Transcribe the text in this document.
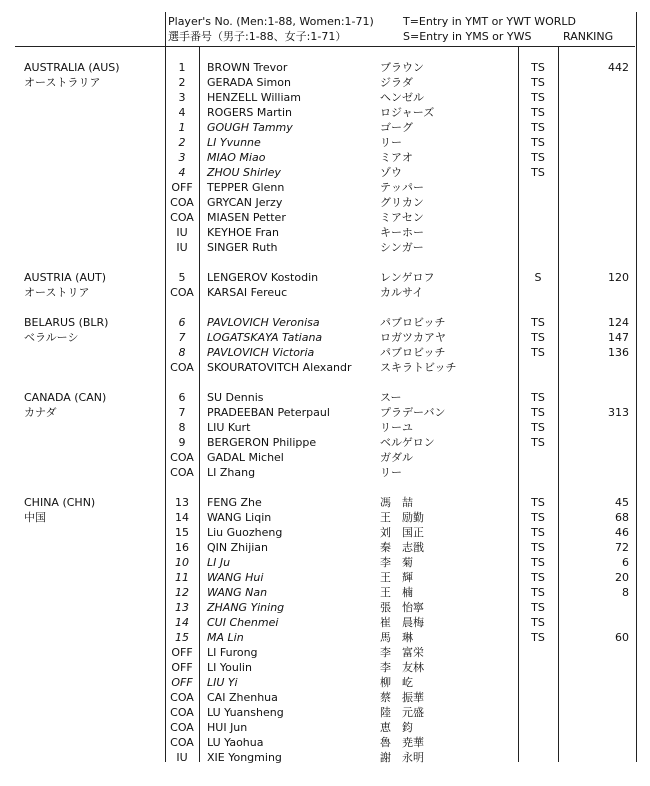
Player's No. (Men:1-88, Women:1-71)
選手番号（男子:1-88、女子:1-71）
T=Entry in YMT or YWT WORLD
S=Entry in YMS or YWS	RANKING
AUSTRALIA (AUS)	1	BROWN Trevor	ブラウン	TS	442
オーストラリア	2	GERADA Simon	ジラダ	TS
3	HENZELL William	ヘンゼル	TS
4	ROGERS Martin	ロジャーズ	TS
1	GOUGH Tammy	ゴーグ	TS
2	LI Yvunne	リー	TS
3	MIAO Miao	ミアオ	TS
4	ZHOU Shirley	ゾウ	TS
OFF	TEPPER Glenn	テッパー
COA	GRYCAN Jerzy	グリカン
COA	MIASEN Petter	ミアセン
IU	KEYHOE Fran	キーホー
IU	SINGER Ruth	シンガー
AUSTRIA (AUT)	5	LENGEROV Kostodin	レンゲロフ	S	120
オーストリア	COA	KARSAI Fereuc	カルサイ
BELARUS (BLR)	6	PAVLOVICH Veronisa	パブロビッチ	TS	124
ベラルーシ	7	LOGATSKAYA Tatiana	ロガツカアヤ	TS	147
8	PAVLOVICH Victoria	パブロビッチ	TS	136
COA	SKOURATOVITCH Alexandr	スキラトビッチ
CANADA (CAN)	6	SU Dennis	スー	TS
カナダ	7	PRADEEBAN Peterpaul	プラデーバン	TS	313
8	LIU Kurt	リーユ	TS
9	BERGERON Philippe	ベルゲロン	TS
COA	GADAL Michel	ガダル
COA	LI Zhang	リー
CHINA (CHN)	13	FENG Zhe	馮　喆	TS	45
中国	14	WANG Liqin	王　励勤	TS	68
15	Liu Guozheng	刘　国正	TS	46
16	QIN Zhijian	秦　志戩	TS	72
10	LI Ju	李　菊	TS	6
11	WANG Hui	王　輝	TS	20
12	WANG Nan	王　楠	TS	8
13	ZHANG Yining	張　怡寧	TS
14	CUI Chenmei	崔　晨梅	TS
15	MA Lin	馬　琳	TS	60
OFF	LI Furong	李　富栄
OFF	LI Youlin	李　友林
OFF	LIU Yi	柳　屹
COA	CAI Zhenhua	蔡　振華
COA	LU Yuansheng	陸　元盛
COA	HUI Jun	恵　鈞
COA	LU Yaohua	魯　尭華
IU	XIE Yongming	謝　永明
